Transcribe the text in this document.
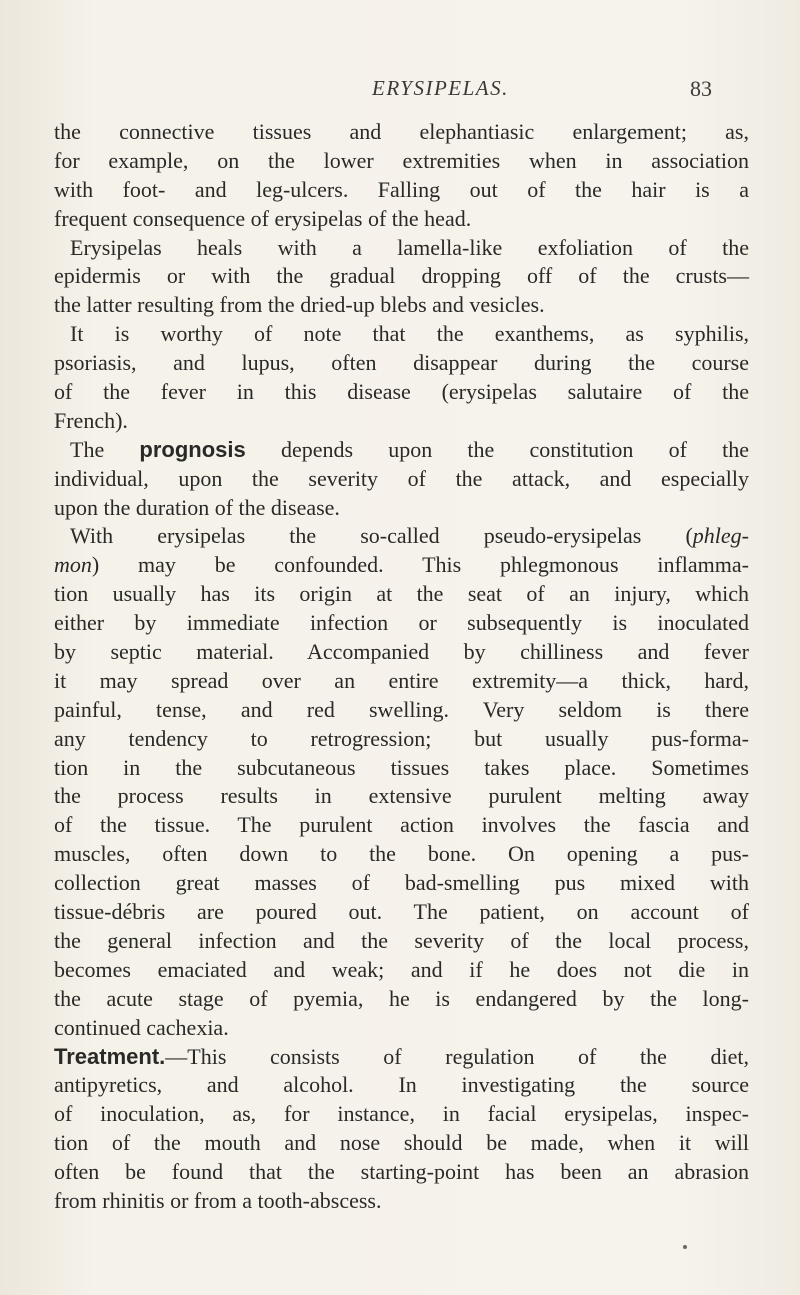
ERYSIPELAS.	83
the connective tissues and elephantiasic enlargement; as,
for example, on the lower extremities when in association
with foot- and leg-ulcers. Falling out of the hair is a
frequent consequence of erysipelas of the head.
Erysipelas heals with a lamella-like exfoliation of the
epidermis or with the gradual dropping off of the crusts—
the latter resulting from the dried-up blebs and vesicles.
It is worthy of note that the exanthems, as syphilis,
psoriasis, and lupus, often disappear during the course
of the fever in this disease (erysipelas salutaire of the
French).
The prognosis depends upon the constitution of the
individual, upon the severity of the attack, and especially
upon the duration of the disease.
With erysipelas the so-called pseudo-erysipelas (phleg-
mon) may be confounded. This phlegmonous inflamma-
tion usually has its origin at the seat of an injury, which
either by immediate infection or subsequently is inoculated
by septic material. Accompanied by chilliness and fever
it may spread over an entire extremity—a thick, hard,
painful, tense, and red swelling. Very seldom is there
any tendency to retrogression; but usually pus-forma-
tion in the subcutaneous tissues takes place. Sometimes
the process results in extensive purulent melting away
of the tissue. The purulent action involves the fascia and
muscles, often down to the bone. On opening a pus-
collection great masses of bad-smelling pus mixed with
tissue-débris are poured out. The patient, on account of
the general infection and the severity of the local process,
becomes emaciated and weak; and if he does not die in
the acute stage of pyemia, he is endangered by the long-
continued cachexia.
Treatment.—This consists of regulation of the diet,
antipyretics, and alcohol. In investigating the source
of inoculation, as, for instance, in facial erysipelas, inspec-
tion of the mouth and nose should be made, when it will
often be found that the starting-point has been an abrasion
from rhinitis or from a tooth-abscess.
